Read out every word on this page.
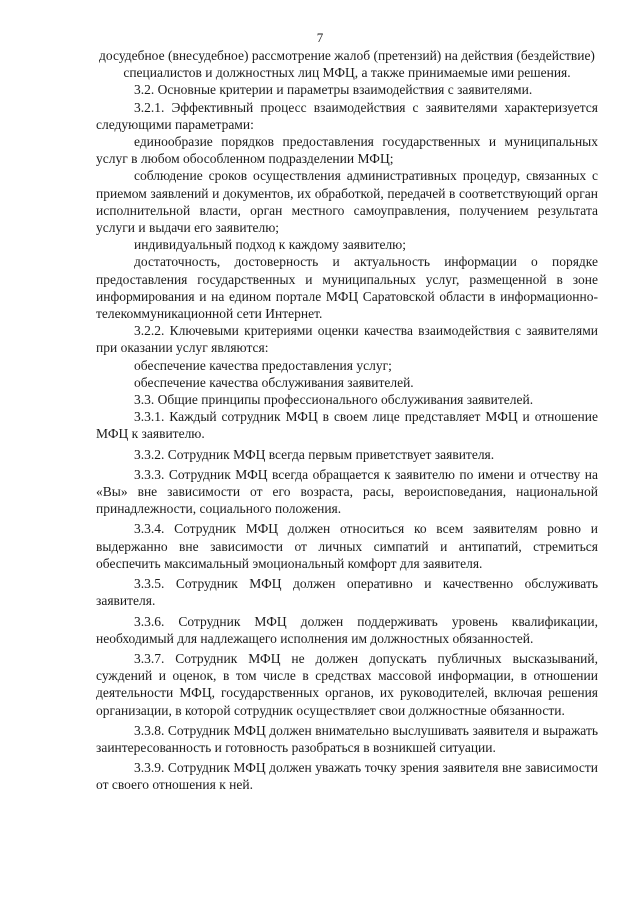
7

досудебное (внесудебное) рассмотрение жалоб (претензий) на действия (бездействие) специалистов и должностных лиц МФЦ, а также принимаемые ими решения.

3.2. Основные критерии и параметры взаимодействия с заявителями.

3.2.1. Эффективный процесс взаимодействия с заявителями характеризуется следующими параметрами:

единообразие порядков предоставления государственных и муниципальных услуг в любом обособленном подразделении МФЦ;

соблюдение сроков осуществления административных процедур, связанных с приемом заявлений и документов, их обработкой, передачей в соответствующий орган исполнительной власти, орган местного самоуправления, получением результата услуги и выдачи его заявителю;

индивидуальный подход к каждому заявителю;

достаточность, достоверность и актуальность информации о порядке предоставления государственных и муниципальных услуг, размещенной в зоне информирования и на едином портале МФЦ Саратовской области в информационно-телекоммуникационной сети Интернет.

3.2.2. Ключевыми критериями оценки качества взаимодействия с заявителями при оказании услуг являются:

обеспечение качества предоставления услуг;

обеспечение качества обслуживания заявителей.

3.3. Общие принципы профессионального обслуживания заявителей.

3.3.1. Каждый сотрудник МФЦ в своем лице представляет МФЦ и отношение МФЦ к заявителю.

3.3.2. Сотрудник МФЦ всегда первым приветствует заявителя.

3.3.3. Сотрудник МФЦ всегда обращается к заявителю по имени и отчеству на «Вы» вне зависимости от его возраста, расы, вероисповедания, национальной принадлежности, социального положения.

3.3.4. Сотрудник МФЦ должен относиться ко всем заявителям ровно и выдержанно вне зависимости от личных симпатий и антипатий, стремиться обеспечить максимальный эмоциональный комфорт для заявителя.

3.3.5. Сотрудник МФЦ должен оперативно и качественно обслуживать заявителя.

3.3.6. Сотрудник МФЦ должен поддерживать уровень квалификации, необходимый для надлежащего исполнения им должностных обязанностей.

3.3.7. Сотрудник МФЦ не должен допускать публичных высказываний, суждений и оценок, в том числе в средствах массовой информации, в отношении деятельности МФЦ, государственных органов, их руководителей, включая решения организации, в которой сотрудник осуществляет свои должностные обязанности.

3.3.8. Сотрудник МФЦ должен внимательно выслушивать заявителя и выражать заинтересованность и готовность разобраться в возникшей ситуации.

3.3.9. Сотрудник МФЦ должен уважать точку зрения заявителя вне зависимости от своего отношения к ней.
